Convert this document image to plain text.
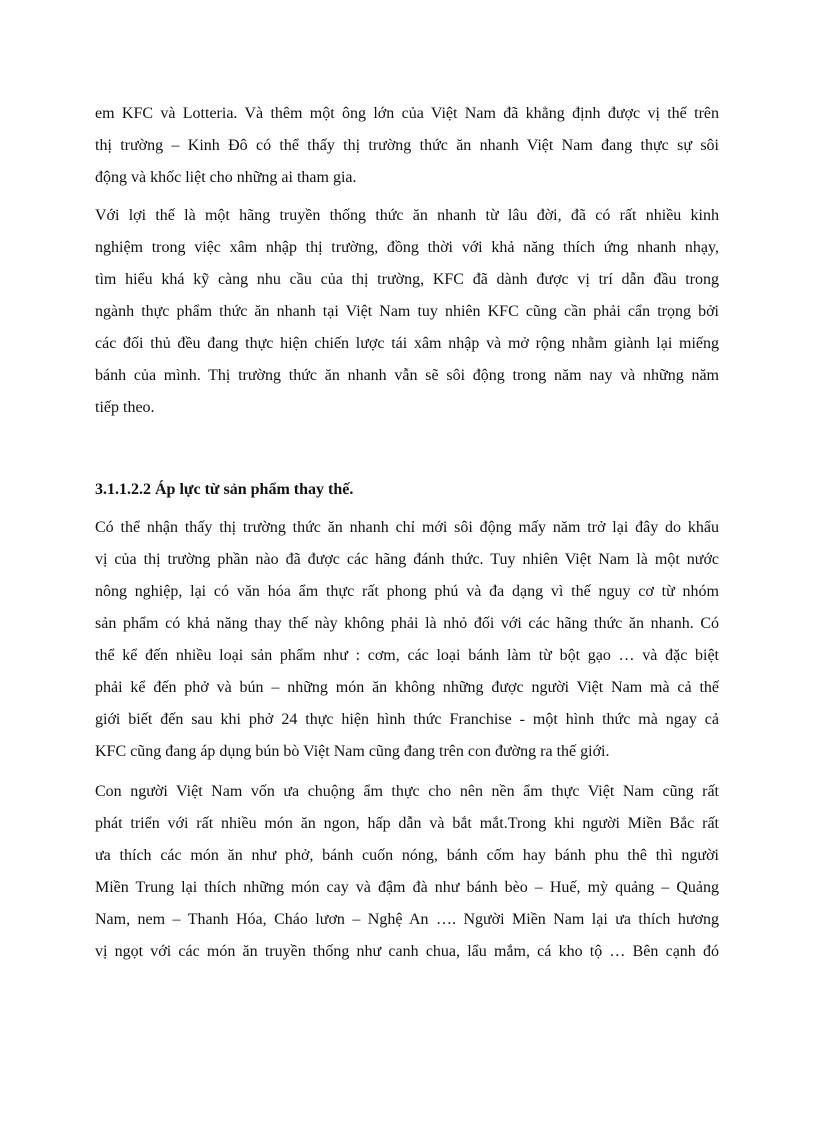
em KFC và Lotteria. Và thêm một ông lớn của Việt Nam đã khẳng định được vị thế trên
thị trường – Kinh Đô có thể thấy thị trường thức ăn nhanh Việt Nam đang thực sự sôi
động và khốc liệt cho những ai tham gia.
Với lợi thế là một hãng truyền thống thức ăn nhanh từ lâu đời, đã có rất nhiều kinh
nghiệm trong việc xâm nhập thị trường, đồng thời với khả năng thích ứng nhanh nhạy,
tìm hiểu khá kỹ càng nhu cầu của thị trường, KFC đã dành được vị trí dẫn đầu trong
ngành thực phẩm thức ăn nhanh tại Việt Nam tuy nhiên KFC cũng cần phải cẩn trọng bởi
các đối thủ đều đang thực hiện chiến lược tái xâm nhập và mở rộng nhằm giành lại miếng
bánh của mình. Thị trường thức ăn nhanh vẫn sẽ sôi động trong năm nay và những năm
tiếp theo.
3.1.1.2.2 Áp lực từ sản phẩm thay thế.
Có thể nhận thấy thị trường thức ăn nhanh chỉ mới sôi động mấy năm trở lại đây do khẩu
vị của thị trường phần nào đã được các hãng đánh thức. Tuy nhiên Việt Nam là một nước
nông nghiệp, lại có văn hóa ẩm thực rất phong phú và đa dạng vì thế nguy cơ từ nhóm
sản phẩm có khả năng thay thế này không phải là nhỏ đối với các hãng thức ăn nhanh. Có
thể kể đến nhiều loại sản phẩm như : cơm, các loại bánh làm từ bột gạo … và đặc biệt
phải kể đến phở và bún – những món ăn không những được người Việt Nam mà cả thế
giới biết đến sau khi phở 24 thực hiện hình thức Franchise - một hình thức mà ngay cả
KFC cũng đang áp dụng bún bò Việt Nam cũng đang trên con đường ra thế giới.
Con người Việt Nam vốn ưa chuộng ẩm thực cho nên nền ẩm thực Việt Nam cũng rất
phát triển với rất nhiều món ăn ngon, hấp dẫn và bắt mắt.Trong khi người Miền Bắc rất
ưa thích các món ăn như phở, bánh cuốn nóng, bánh cốm hay bánh phu thê thì người
Miền Trung lại thích những món cay và đậm đà như bánh bèo – Huế, mỳ quảng – Quảng
Nam, nem – Thanh Hóa, Cháo lươn – Nghệ An …. Người Miền Nam lại ưa thích hương
vị ngọt với các món ăn truyền thống như canh chua, lẩu mắm, cá kho tộ … Bên cạnh đó
